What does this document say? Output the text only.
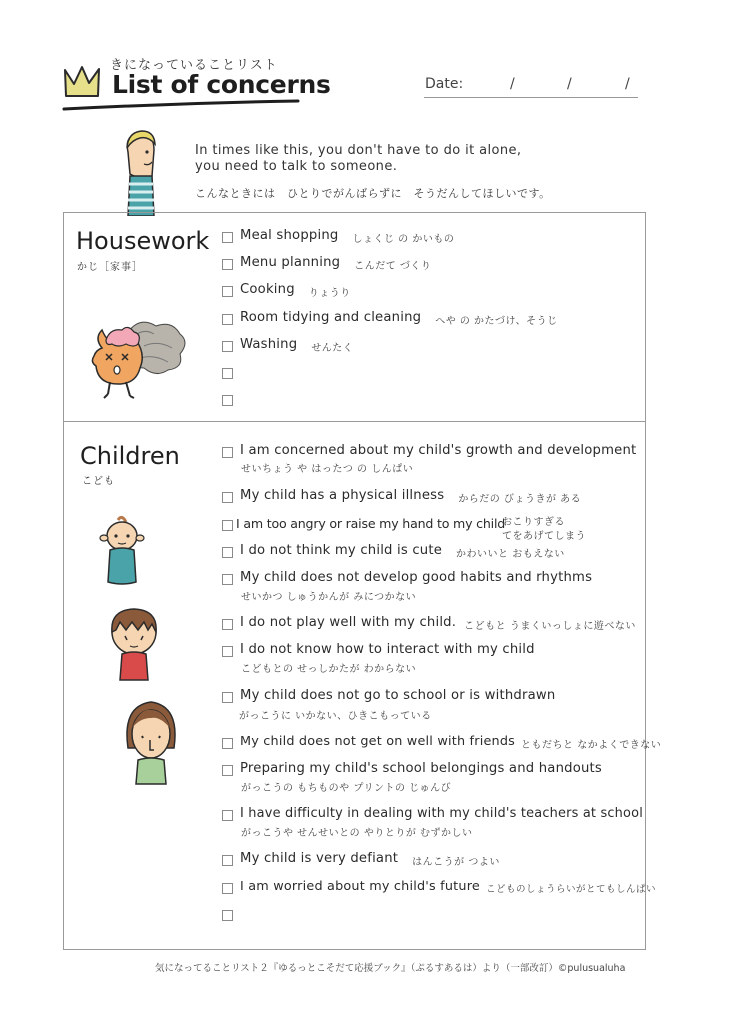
きになっていることリスト
List of concerns	Date:	/	/	/
In times like this, you don't have to do it alone,
you need to talk to someone.
こんなときには　ひとりでがんばらずに　そうだんしてほしいです。
Housework
かじ［家事］
Meal shopping しょくじ の かいもの
Menu planning こんだて づくり
Cooking りょうり
Room tidying and cleaning へや の かたづけ、そうじ
Washing せんたく
Children
こども
I am concerned about my child's growth and development
せいちょう や はったつ の しんぱい
My child has a physical illness からだの びょうきが ある
I am too angry or raise my hand to my child
おこりすぎる
てをあげてしまう
I do not think my child is cute かわいいと おもえない
My child does not develop good habits and rhythms
せいかつ しゅうかんが みにつかない
I do not play well with my child. こどもと うまくいっしょに遊べない
I do not know how to interact with my child
こどもとの せっしかたが わからない
My child does not go to school or is withdrawn
がっこうに いかない、ひきこもっている
My child does not get on well with friends ともだちと なかよくできない
Preparing my child's school belongings and handouts
がっこうの もちものや プリントの じゅんび
I have difficulty in dealing with my child's teachers at school
がっこうや せんせいとの やりとりが むずかしい
My child is very defiant はんこうが つよい
I am worried about my child's future こどものしょうらいがとてもしんぱい
気になってることリスト２『ゆるっとこそだて応援ブック』（ぷるすあるは）より（一部改訂）©pulusualuha
